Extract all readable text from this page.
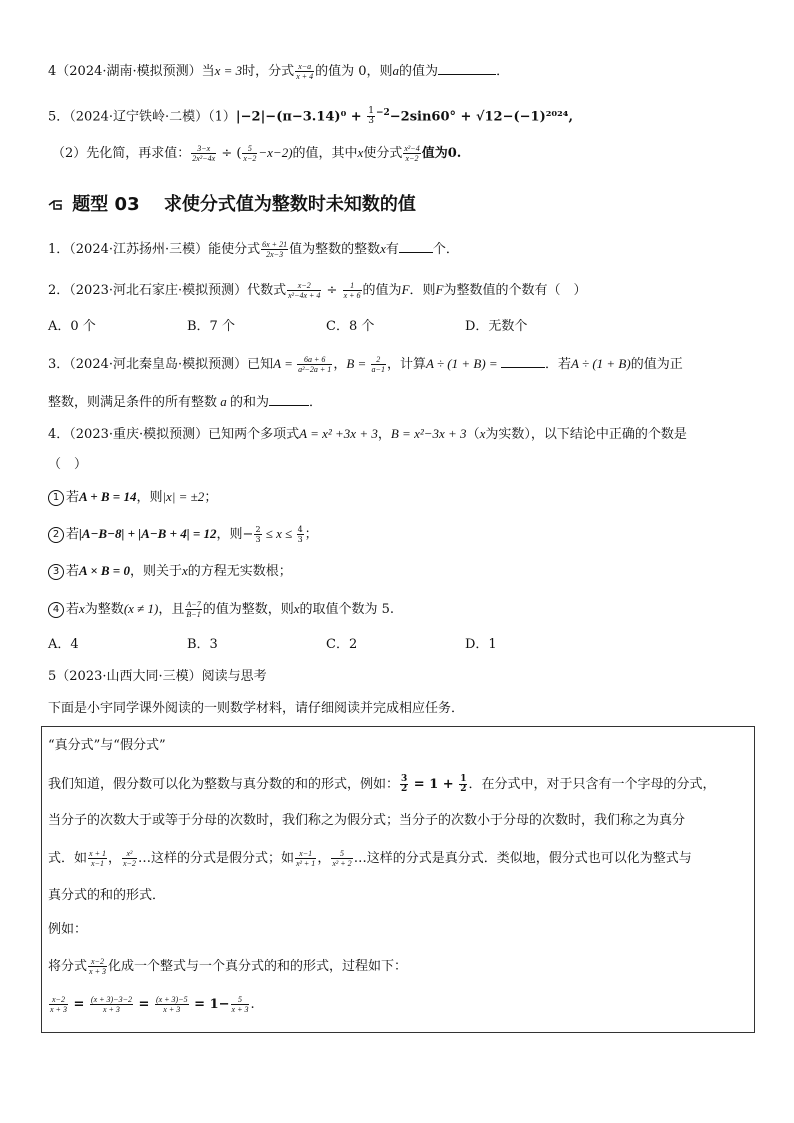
4（2024·湖南·模拟预测）当x = 3时，分式 $\frac{x-a}{x + 4}$ 的值为 0，则a的值为	．
5．（2024·辽宁铁岭·二模）$(1)|-2|-(\pi-3.14)^0 + \frac{1}{3} ^{-2}-2\sin 60^\circ + √12-(-1)^{2024}$,
（2）先化简，再求值： $\frac{3-x}{\text{2x²−4x}}$ ÷ ( $\frac{5}{x-2} -x-2$)的值，其中x使分式 $\frac{\text{x²−4}}{x-2}$ 值为0.
题型 03 求使分式值为整数时未知数的值
1．（2024·江苏扬州·三模）能使分式 $\frac{6x + 21}{2x-3}$ 值为整数的整数x有	个．
2．（2023·河北石家庄·模拟预测）代数式 $\frac{x-2}{\text{x²−4x + 4}} \div \frac{1}{x + 6}$ 的值为F．则F为整数值的个数有（　）
A．0 个	B．7 个	C．8 个	D．无数个
3．（2024·河北秦皇岛·模拟预测）已知$A = \frac{6a + 6}{\text{a²−2a + 1}}$ ，$B = \frac{2}{a-1}$ ，计算A ÷ (1 + B) =	．若A ÷ (1 + B)的值为正
整数，则满足条件的所有整数 a 的和为	．
4．（2023·重庆·模拟预测）已知两个多项式A = x² +3x + 3，B = x²−3x + 3（x为实数），以下结论中正确的个数是
（　）
1 若A + B = 14，则|x| = ±2；
2 若|A−B−8| + |A−B + 4| = 12，则− $\frac{2}{3} \le x \le \frac{4}{3}$ ；
3 若A × B = 0，则关于x的方程无实数根；
4 若x为整数(x ≠ 1)，且 $\frac{A-7}{B-1}$ 的值为整数，则x的取值个数为 5.
A．4	B．3	C．2	D．1
5（2023·山西大同·三模）阅读与思考
下面是小宇同学课外阅读的一则数学材料，请仔细阅读并完成相应任务．
“真分式”与“假分式”
我们知道，假分数可以化为整数与真分数的和的形式，例如： $\frac{3}{2} = 1 + \frac{1}{2}$ ．在分式中，对于只含有一个字母的分式，
当分子的次数大于或等于分母的次数时，我们称之为假分式；当分子的次数小于分母的次数时，我们称之为真分
式．如 $\frac{x + 1}{x-1}$ ， $\frac{\text{x²}}{x-2}$ …这样的分式是假分式；如 $\frac{x-1}{\text{x² + 1}}$ ， $\frac{5}{\text{x² + 2}}$ …这样的分式是真分式．类似地，假分式也可以化为整式与
真分式的和的形式．
例如：
将分式 $\frac{x-2}{x + 3}$ 化成一个整式与一个真分式的和的形式，过程如下：
$\frac{x-2}{x + 3} = \frac{(x + 3)-3-2}{x + 3} = \frac{(x + 3)-5}{x + 3} = 1- \frac{5}{x + 3}$ .
